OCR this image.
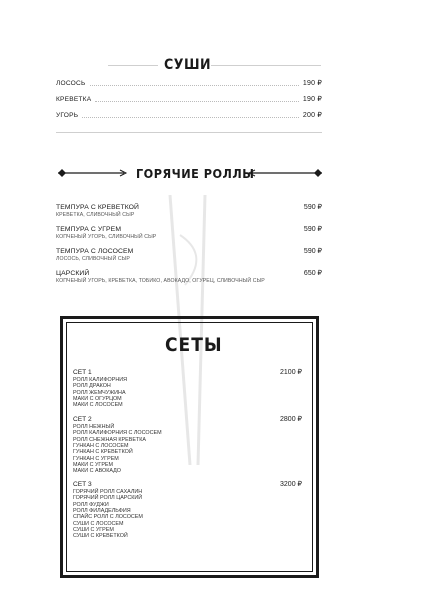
СУШИ
ЛОСОСЬ	190 ₽
КРЕВЕТКА	190 ₽
УГОРЬ	200 ₽
ГОРЯЧИЕ РОЛЛЫ
ТЕМПУРА С КРЕВЕТКОЙ	590 ₽
КРЕВЕТКА, СЛИВОЧНЫЙ СЫР
ТЕМПУРА С УГРЕМ	590 ₽
КОПЧЕНЫЙ УГОРЬ, СЛИВОЧНЫЙ СЫР
ТЕМПУРА С ЛОСОСЕМ	590 ₽
ЛОСОСЬ, СЛИВОЧНЫЙ СЫР
ЦАРСКИЙ	650 ₽
КОПЧЕНЫЙ УГОРЬ, КРЕВЕТКА, ТОБИКО, АВОКАДО, ОГУРЕЦ, СЛИВОЧНЫЙ СЫР
СЕТЫ
СЕТ 1	2100 ₽
РОЛЛ КАЛИФОРНИЯ
РОЛЛ ДРАКОН
РОЛЛ ЖЕМЧУЖИНА
МАКИ С ОГУРЦОМ
МАКИ С ЛОСОСЕМ
СЕТ 2	2800 ₽
РОЛЛ НЕЖНЫЙ
РОЛЛ КАЛИФОРНИЯ С ЛОСОСЕМ
РОЛЛ СНЕЖНАЯ КРЕВЕТКА
ГУНКАН С ЛОСОСЕМ
ГУНКАН С КРЕВЕТКОЙ
ГУНКАН С УГРЕМ
МАКИ С УГРЕМ
МАКИ С АВОКАДО
СЕТ 3	3200 ₽
ГОРЯЧИЙ РОЛЛ САХАЛИН
ГОРЯЧИЙ РОЛЛ ЦАРСКИЙ
РОЛЛ ФУДЖИ
РОЛЛ ФИЛАДЕЛЬФИЯ
СПАЙС РОЛЛ С ЛОСОСЕМ
СУШИ С ЛОСОСЕМ
СУШИ С УГРЕМ
СУШИ С КРЕВЕТКОЙ
